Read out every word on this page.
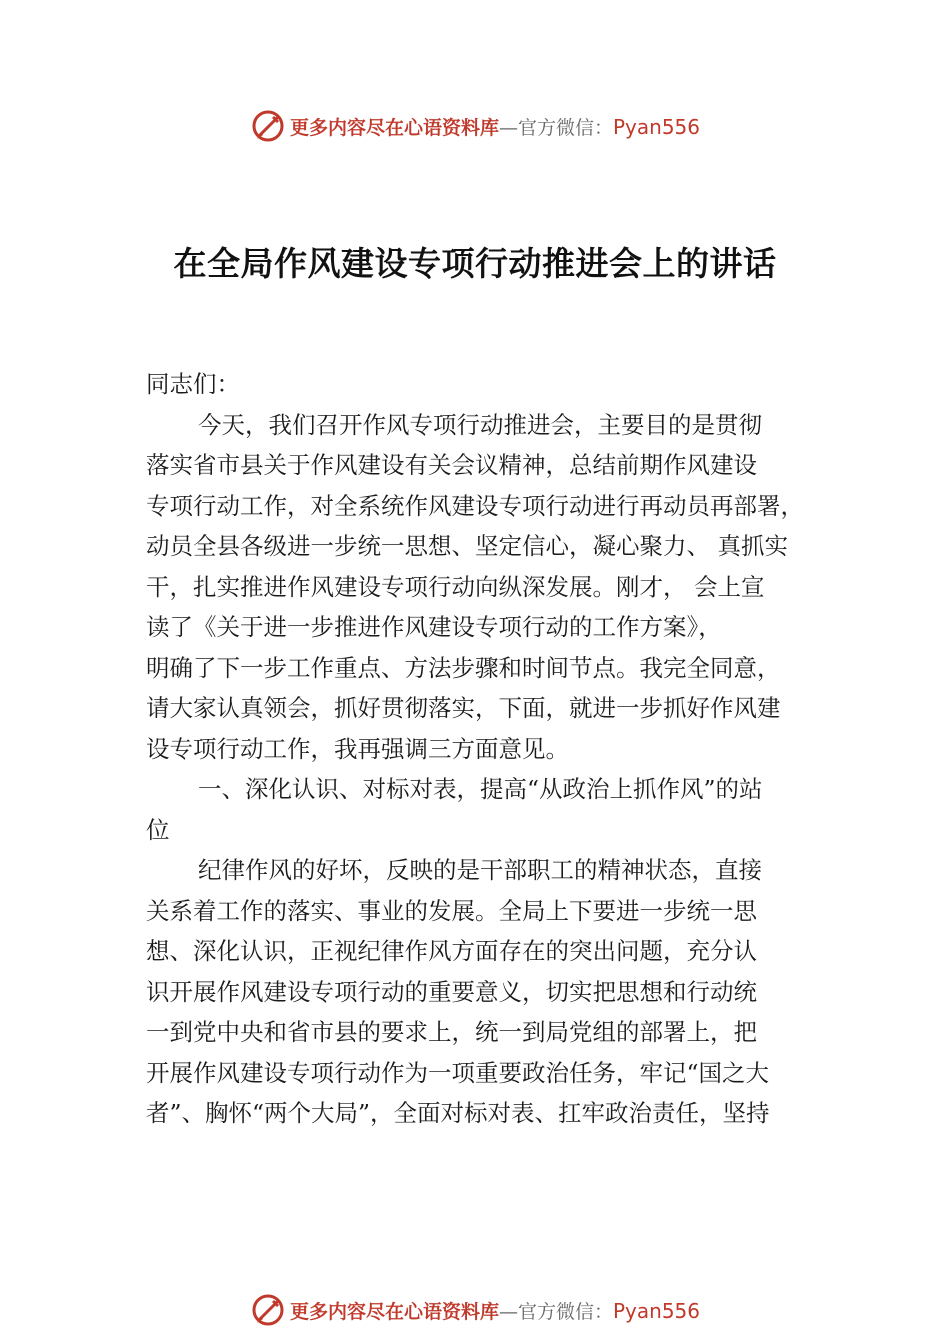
更多内容尽在心语资料库 — 官方微信： Pyan556
在全局作风建设专项行动推进会上的讲话
同志们：
今天，我们召开作风专项行动推进会，主要目的是贯彻
落实省市县关于作风建设有关会议精神，总结前期作风建设
专项行动工作，对全系统作风建设专项行动进行再动员再部署，
动员全县各级进一步统一思想、坚定信心，凝心聚力、 真抓实
干，扎实推进作风建设专项行动向纵深发展。刚才， 会上宣
读了《关于进一步推进作风建设专项行动的工作方案》，
明确了下一步工作重点、方法步骤和时间节点。我完全同意，
请大家认真领会，抓好贯彻落实，下面，就进一步抓好作风建
设专项行动工作，我再强调三方面意见。
一、深化认识、对标对表，提高“从政治上抓作风”的站
位
纪律作风的好坏，反映的是干部职工的精神状态，直接
关系着工作的落实、事业的发展。全局上下要进一步统一思
想、深化认识，正视纪律作风方面存在的突出问题，充分认
识开展作风建设专项行动的重要意义，切实把思想和行动统
一到党中央和省市县的要求上，统一到局党组的部署上，把
开展作风建设专项行动作为一项重要政治任务，牢记“国之大
者”、胸怀“两个大局”，全面对标对表、扛牢政治责任，坚持
更多内容尽在心语资料库 — 官方微信： Pyan556
